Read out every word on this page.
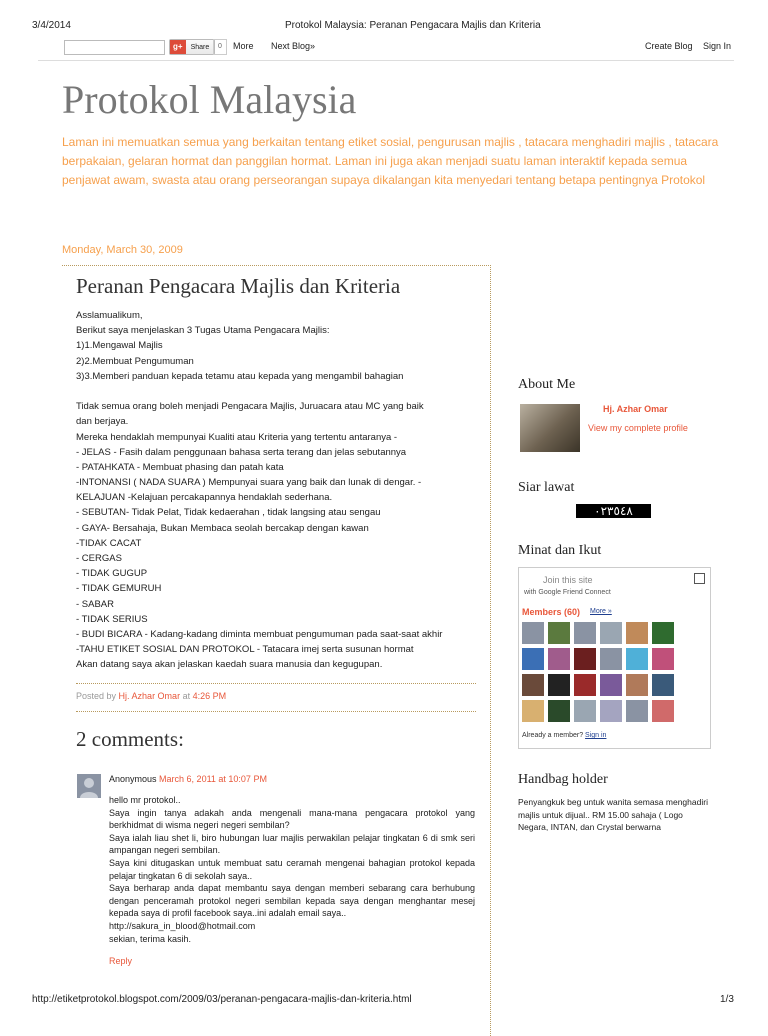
3/4/2014	Protokol Malaysia: Peranan Pengacara Majlis dan Kriteria
g+	Share	0	More Next Blog»	Create Blog Sign In
Protokol Malaysia
Laman ini memuatkan semua yang berkaitan tentang etiket sosial, pengurusan majlis , tatacara menghadiri majlis , tatacara berpakaian, gelaran hormat dan panggilan hormat. Laman ini juga akan menjadi suatu laman interaktif kepada semua penjawat awam, swasta atau orang perseorangan supaya dikalangan kita menyedari tentang betapa pentingnya Protokol
Monday, March 30, 2009
Peranan Pengacara Majlis dan Kriteria
Asslamualikum,
Berikut saya menjelaskan 3 Tugas Utama Pengacara Majlis:
1)1.Mengawal Majlis
2)2.Membuat Pengumuman
3)3.Memberi panduan kepada tetamu atau kepada yang mengambil bahagian
Tidak semua orang boleh menjadi Pengacara Majlis, Juruacara atau MC yang baik
dan berjaya.
Mereka hendaklah mempunyai Kualiti atau Kriteria yang tertentu antaranya -
- JELAS - Fasih dalam penggunaan bahasa serta terang dan jelas sebutannya
- PATAHKATA - Membuat phasing dan patah kata
-INTONANSI ( NADA SUARA ) Mempunyai suara yang baik dan lunak di dengar. -
KELAJUAN -Kelajuan percakapannya hendaklah sederhana.
- SEBUTAN- Tidak Pelat, Tidak kedaerahan , tidak langsing atau sengau
- GAYA- Bersahaja, Bukan Membaca seolah bercakap dengan kawan
-TIDAK CACAT
- CERGAS
- TIDAK GUGUP
- TIDAK GEMURUH
- SABAR
- TIDAK SERIUS
- BUDI BICARA - Kadang-kadang diminta membuat pengumuman pada saat-saat akhir
-TAHU ETIKET SOSIAL DAN PROTOKOL - Tatacara imej serta susunan hormat
Akan datang saya akan jelaskan kaedah suara manusia dan kegugupan.
Posted by Hj. Azhar Omar at 4:26 PM
2 comments:
Anonymous March 6, 2011 at 10:07 PM
hello mr protokol..
Saya ingin tanya adakah anda mengenali mana-mana pengacara protokol yang
berkhidmat di wisma negeri negeri sembilan?
Saya ialah liau shet li, biro hubungan luar majlis perwakilan pelajar tingkatan 6 di smk seri
ampangan negeri sembilan.
Saya kini ditugaskan untuk membuat satu ceramah mengenai bahagian protokol kepada
pelajar tingkatan 6 di sekolah saya..
Saya berharap anda dapat membantu saya dengan memberi sebarang cara berhubung
dengan penceramah protokol negeri sembilan kepada saya dengan menghantar mesej
kepada saya di profil facebook saya..ini adalah email saya..
http://sakura_in_blood@hotmail.com
sekian, terima kasih.
Reply
About Me
Hj. Azhar Omar
View my complete profile
Siar lawat
٠٢٣٥٤٨
Minat dan Ikut
Join this site
with Google Friend Connect
Members (60) More »
Already a member? Sign in
Handbag holder
Penyangkuk beg untuk wanita semasa menghadiri majlis untuk dijual.. RM 15.00 sahaja ( Logo Negara, INTAN, dan Crystal berwarna
http://etiketprotokol.blogspot.com/2009/03/peranan-pengacara-majlis-dan-kriteria.html	1/3
